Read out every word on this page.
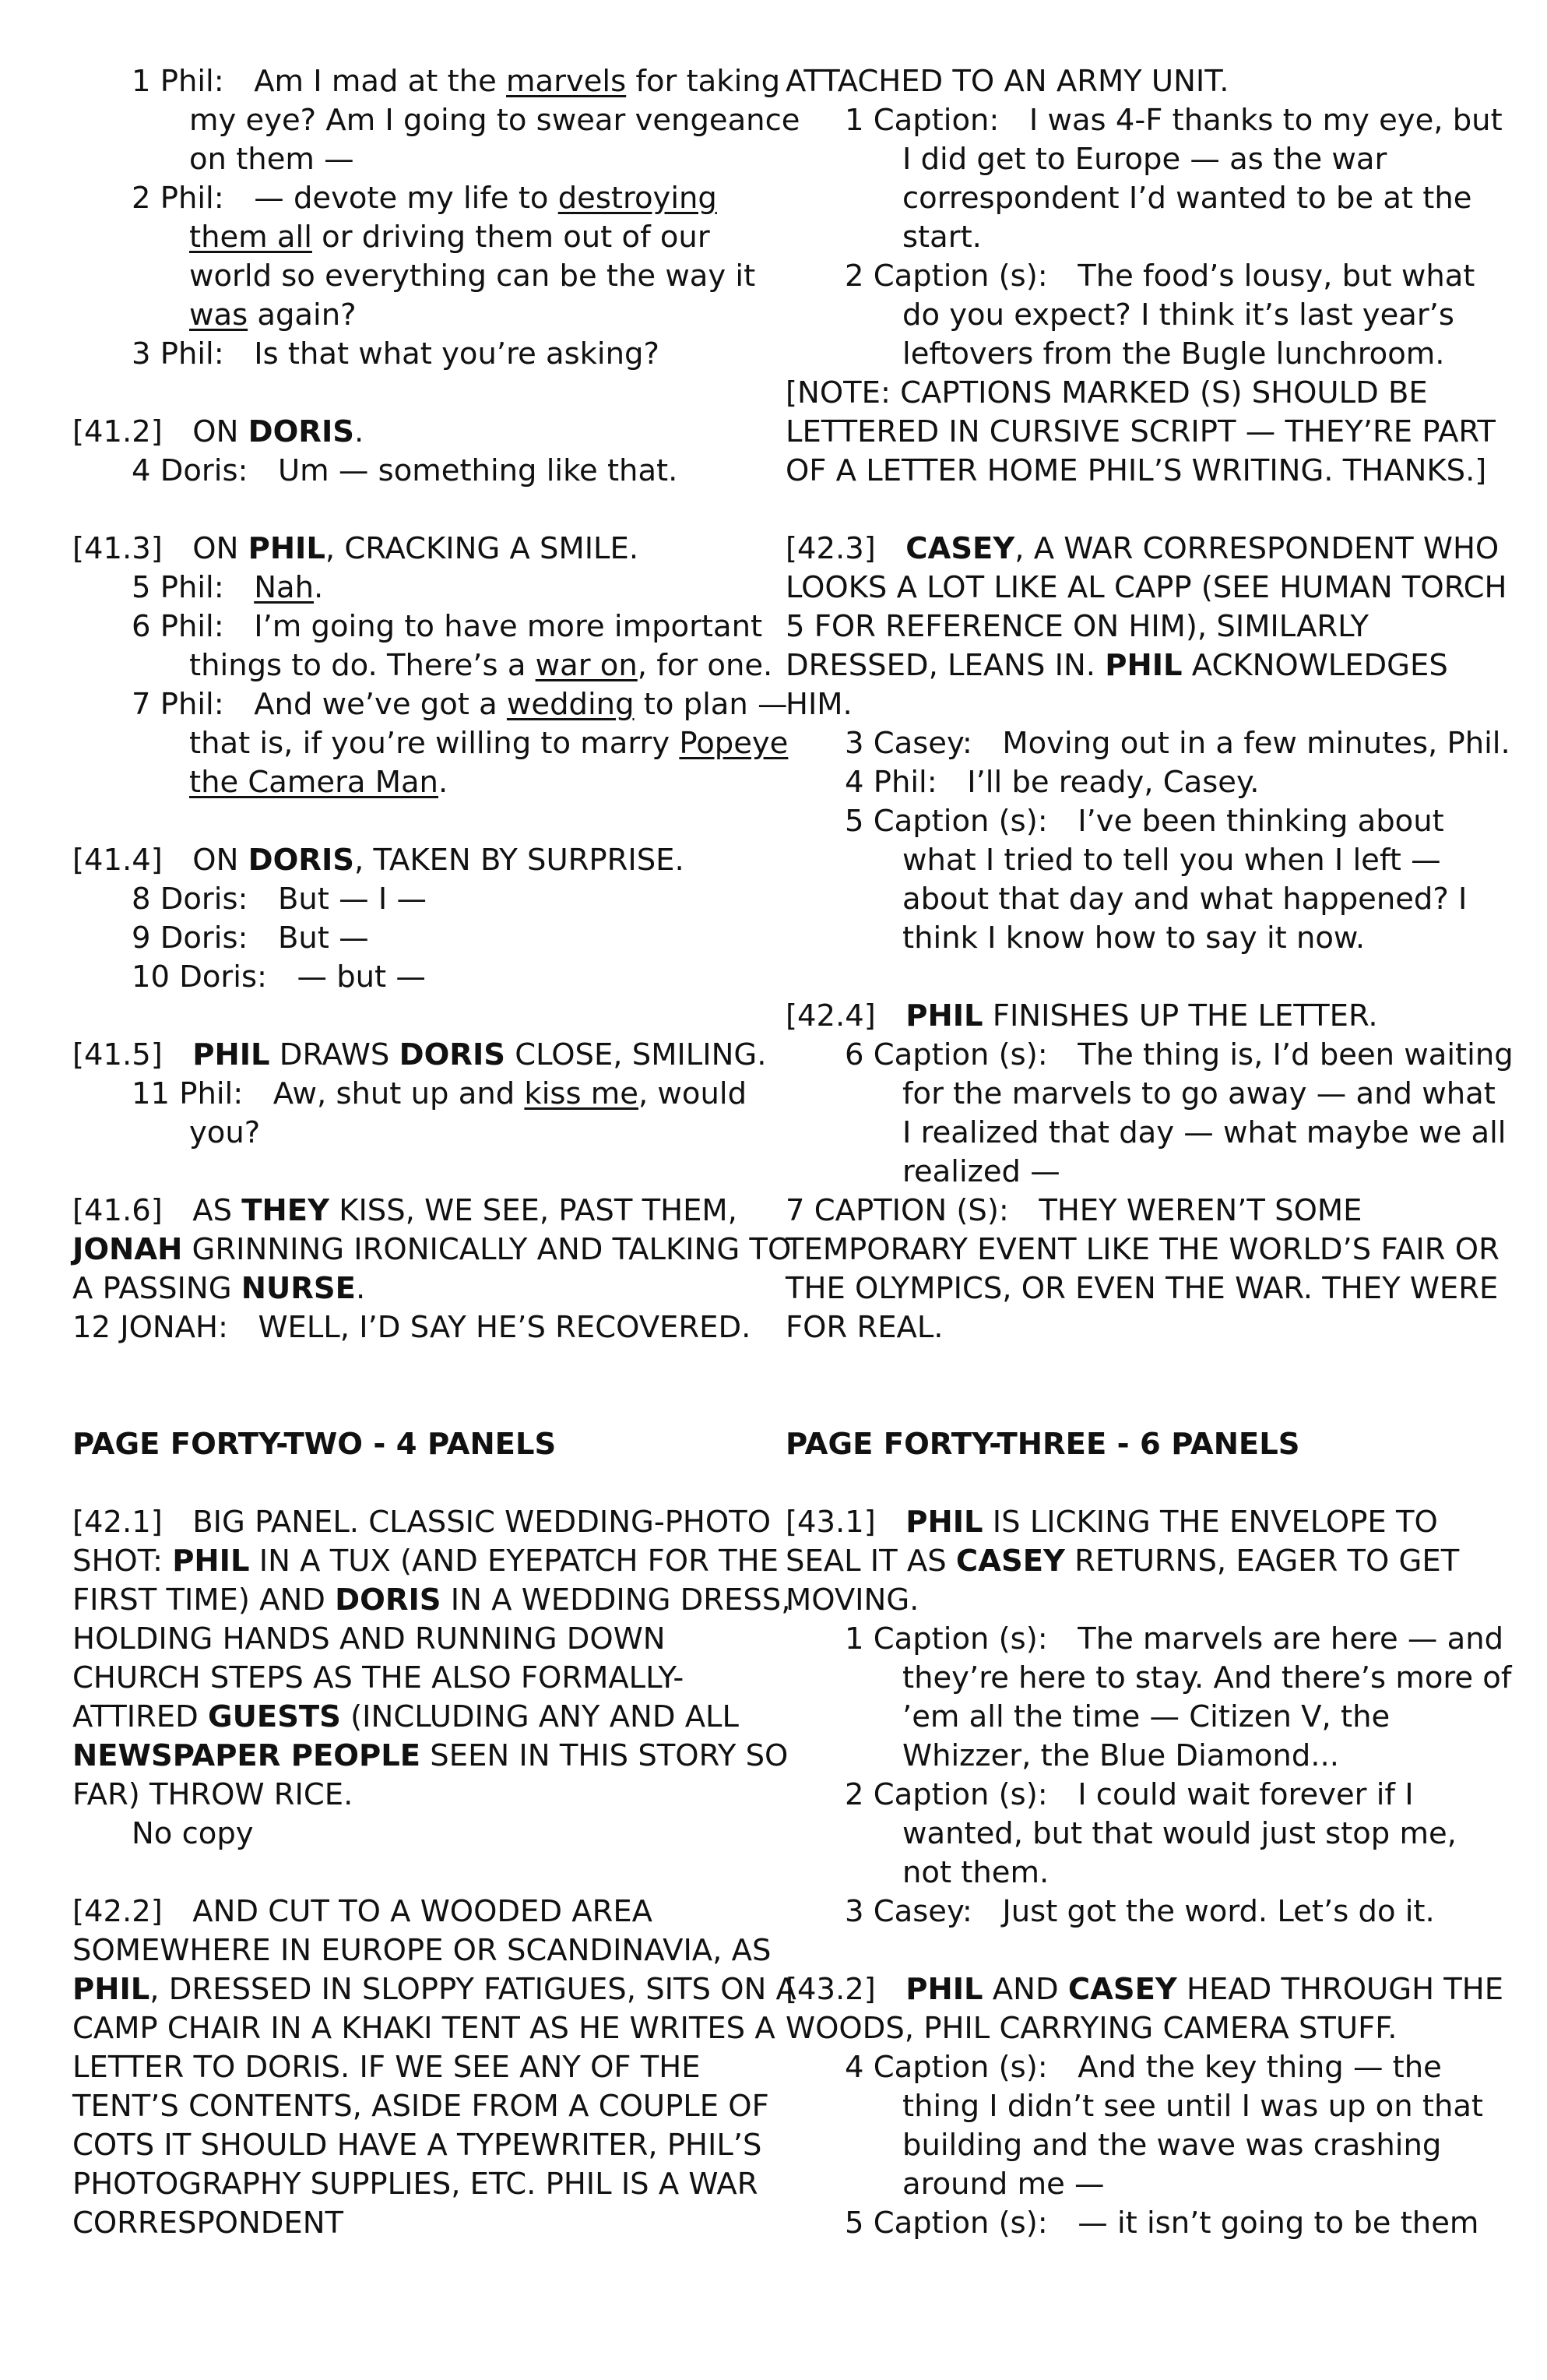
1 Phil: Am I mad at the marvels for taking my eye? Am I going to swear vengeance on them —

2 Phil: — devote my life to destroying them all or driving them out of our world so everything can be the way it was again?

3 Phil: Is that what you’re asking?

[41.2] ON DORIS.

4 Doris: Um — something like that.

[41.3] ON PHIL, CRACKING A SMILE.

5 Phil: Nah.

6 Phil: I’m going to have more important things to do. There’s a war on, for one.

7 Phil: And we’ve got a wedding to plan — that is, if you’re willing to marry Popeye the Camera Man.

[41.4] ON DORIS, TAKEN BY SURPRISE.

8 Doris: But — I —

9 Doris: But —

10 Doris: — but —

[41.5]  PHIL DRAWS DORIS CLOSE, SMILING.

11 Phil: Aw, shut up and kiss me, would you?

[41.6] AS THEY KISS, WE SEE, PAST THEM, JONAH GRINNING IRONICALLY AND TALKING TO A PASSING NURSE.

12 JONAH: WELL, I’D SAY HE’S RECOVERED.

PAGE FORTY-TWO - 4 PANELS

[42.1] BIG PANEL. CLASSIC WEDDING-PHOTO SHOT: PHIL IN A TUX (AND EYEPATCH FOR THE FIRST TIME) AND DORIS IN A WEDDING DRESS, HOLDING HANDS AND RUNNING DOWN CHURCH STEPS AS THE ALSO FORMALLY-ATTIRED GUESTS (INCLUDING ANY AND ALL NEWSPAPER PEOPLE SEEN IN THIS STORY SO FAR) THROW RICE.

No copy

[42.2] AND CUT TO A WOODED AREA SOMEWHERE IN EUROPE OR SCANDINAVIA, AS PHIL, DRESSED IN SLOPPY FATIGUES, SITS ON A CAMP CHAIR IN A KHAKI TENT AS HE WRITES A LETTER TO DORIS. IF WE SEE ANY OF THE TENT’S CONTENTS, ASIDE FROM A COUPLE OF COTS IT SHOULD HAVE A TYPEWRITER, PHIL’S PHOTOGRAPHY SUPPLIES, ETC. PHIL IS A WAR CORRESPONDENT

ATTACHED TO AN ARMY UNIT.

1 Caption: I was 4-F thanks to my eye, but I did get to Europe — as the war correspondent I’d wanted to be at the start.

2 Caption (s): The food’s lousy, but what do you expect? I think it’s last year’s leftovers from the Bugle lunchroom.

[NOTE: CAPTIONS MARKED (S) SHOULD BE LETTERED IN CURSIVE SCRIPT — THEY’RE PART OF A LETTER HOME PHIL’S WRITING. THANKS.]

[42.3]  CASEY, A WAR CORRESPONDENT WHO LOOKS A LOT LIKE AL CAPP (SEE HUMAN TORCH 5 FOR REFERENCE ON HIM), SIMILARLY DRESSED, LEANS IN. PHIL ACKNOWLEDGES HIM.

3 Casey: Moving out in a few minutes, Phil.

4 Phil: I’ll be ready, Casey.

5 Caption (s): I’ve been thinking about what I tried to tell you when I left — about that day and what happened? I think I know how to say it now.

[42.4]  PHIL FINISHES UP THE LETTER.

6 Caption (s): The thing is, I’d been waiting for the marvels to go away — and what I realized that day — what maybe we all realized —

7 CAPTION (S): THEY WEREN’T SOME TEMPORARY EVENT LIKE THE WORLD’S FAIR OR THE OLYMPICS, OR EVEN THE WAR. THEY WERE FOR REAL.

PAGE FORTY-THREE - 6 PANELS

[43.1]  PHIL IS LICKING THE ENVELOPE TO SEAL IT AS CASEY RETURNS, EAGER TO GET MOVING.

1 Caption (s): The marvels are here — and they’re here to stay. And there’s more of ’em all the time — Citizen V, the Whizzer, the Blue Diamond...

2 Caption (s): I could wait forever if I wanted, but that would just stop me, not them.

3 Casey: Just got the word. Let’s do it.

[43.2]  PHIL AND CASEY HEAD THROUGH THE WOODS, PHIL CARRYING CAMERA STUFF.

4 Caption (s): And the key thing — the thing I didn’t see until I was up on that building and the wave was crashing around me —

5 Caption (s): — it isn’t going to be them
